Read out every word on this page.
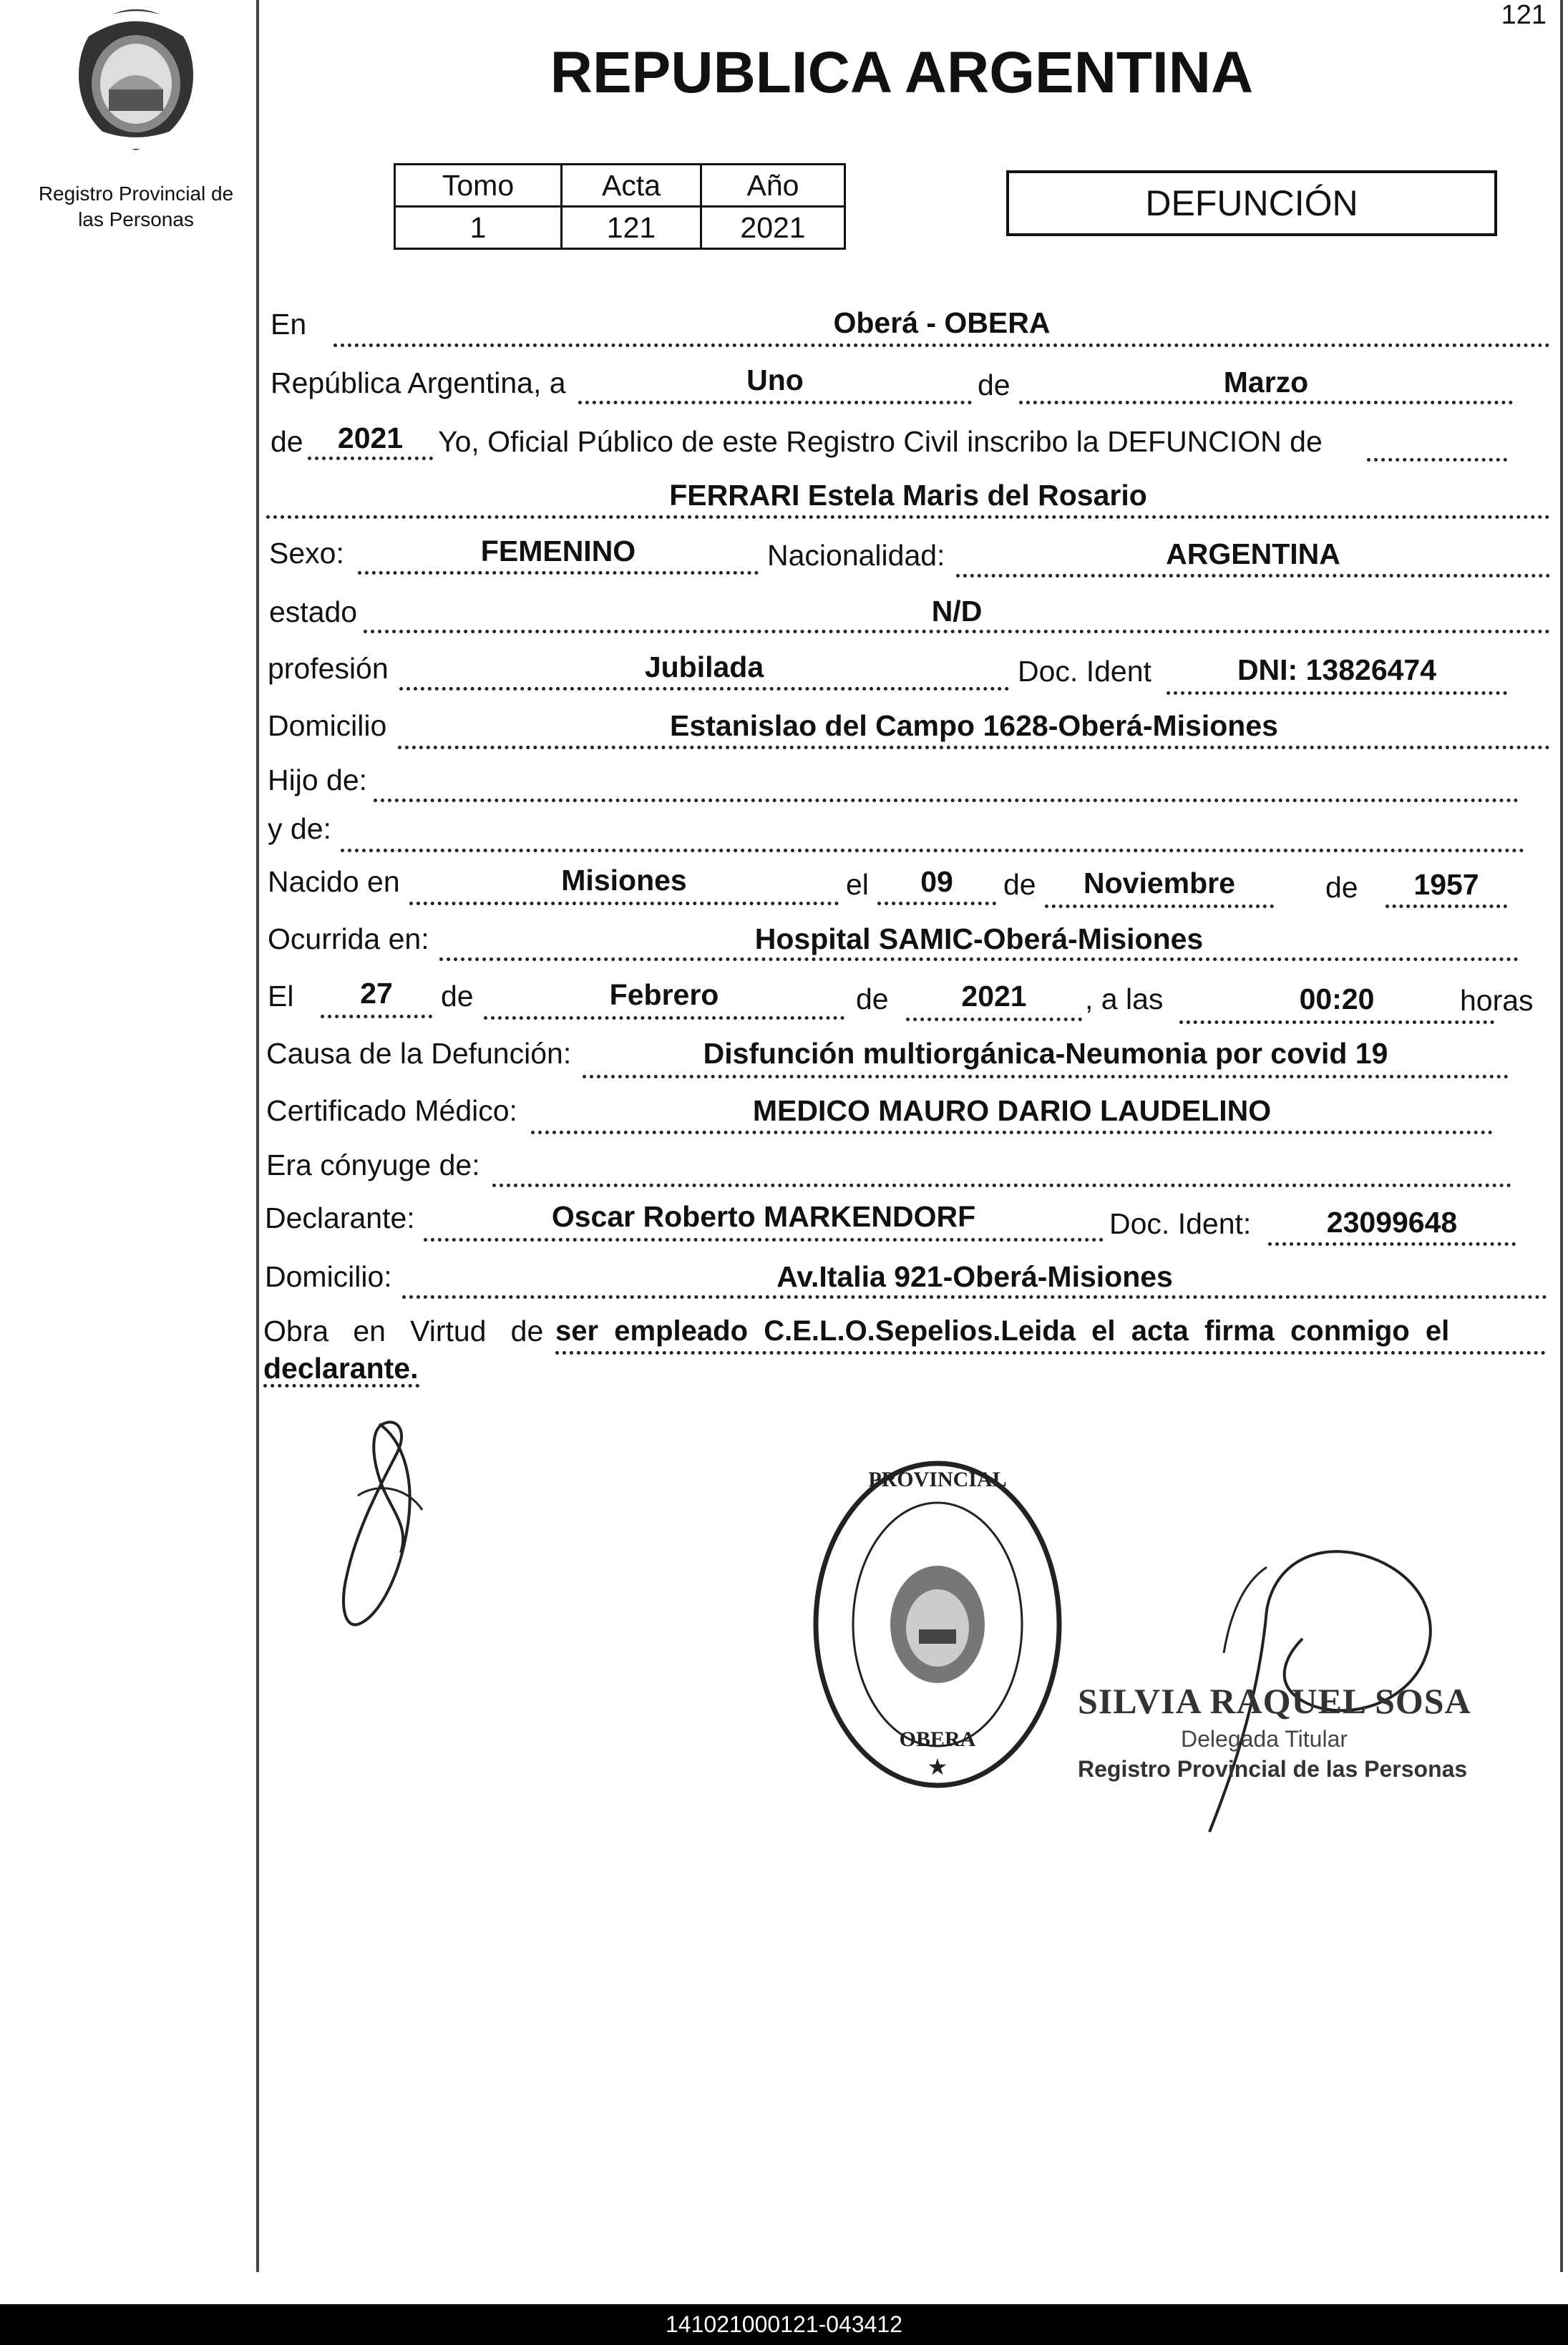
121
Registro Provincial de
las Personas
REPUBLICA ARGENTINA
Tomo	Acta	Año
1	121	2021
DEFUNCIÓN
En	Oberá - OBERA
República Argentina, a	Uno	de	Marzo
de	2021	Yo, Oficial Público de este Registro Civil inscribo la DEFUNCION de
FERRARI Estela Maris del Rosario
Sexo:	FEMENINO	Nacionalidad:	ARGENTINA
estado	N/D
profesión	Jubilada	Doc. Ident	DNI: 13826474
Domicilio	Estanislao del Campo 1628-Oberá-Misiones
Hijo de:
y de:
Nacido en	Misiones	el	09	de	Noviembre	de	1957
Ocurrida en:	Hospital SAMIC-Oberá-Misiones
El	27	de	Febrero	de	2021	, a las	00:20	horas
Causa de la Defunción:	Disfunción multiorgánica-Neumonia por covid 19
Certificado Médico:	MEDICO MAURO DARIO LAUDELINO
Era cónyuge de:
Declarante:	Oscar Roberto MARKENDORF	Doc. Ident:	23099648
Domicilio:	Av.Italia 921-Oberá-Misiones
Obra   en   Virtud   de ser  empleado  C.E.L.O.Sepelios.Leida  el  acta  firma  conmigo  el
declarante.
PROVINCIAL
OBERA
★
SILVIA RAQUEL SOSA
Delegada Titular
Registro Provincial de las Personas
141021000121-043412
